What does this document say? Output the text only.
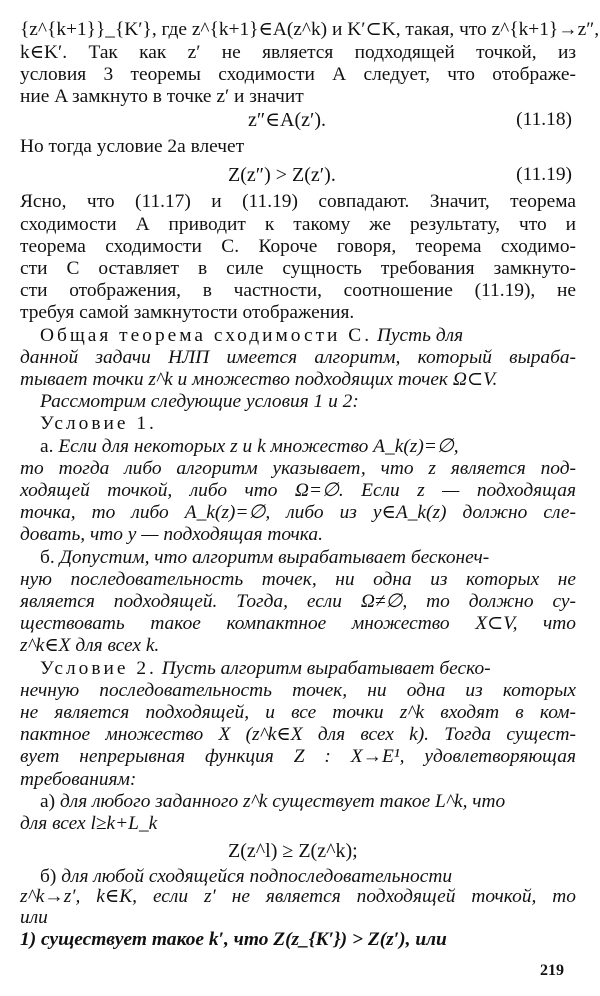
{z^{k+1}}_{K′}, где z^{k+1}∈A(z^k) и K′⊂K, такая, что z^{k+1}→z″,
k∈K′. Так как z′ не является подходящей точкой, из
условия 3 теоремы сходимости А следует, что отображе-
ние A замкнуто в точке z′ и значит
z″∈A(z′).	(11.18)
Но тогда условие 2а влечет
Z(z″) > Z(z′).	(11.19)
Ясно, что (11.17) и (11.19) совпадают. Значит, теорема
сходимости А приводит к такому же результату, что и
теорема сходимости С. Короче говоря, теорема сходимо-
сти С оставляет в силе сущность требования замкнуто-
сти отображения, в частности, соотношение (11.19), не
требуя самой замкнутости отображения.
Общая теорема сходимости С. Пусть для
данной задачи НЛП имеется алгоритм, который выраба-
тывает точки z^k и множество подходящих точек Ω⊂V.
Рассмотрим следующие условия 1 и 2:
Условие 1.
а. Если для некоторых z и k множество A_k(z)=∅,
то тогда либо алгоритм указывает, что z является под-
ходящей точкой, либо что Ω=∅. Если z — подходящая
точка, то либо A_k(z)=∅, либо из y∈A_k(z) должно сле-
довать, что y — подходящая точка.
б. Допустим, что алгоритм вырабатывает бесконеч-
ную последовательность точек, ни одна из которых не
является подходящей. Тогда, если Ω≠∅, то должно су-
ществовать такое компактное множество X⊂V, что
z^k∈X для всех k.
Условие 2. Пусть алгоритм вырабатывает беско-
нечную последовательность точек, ни одна из которых
не является подходящей, и все точки z^k входят в ком-
пактное множество X (z^k∈X для всех k). Тогда сущест-
вует непрерывная функция Z : X→E¹, удовлетворяющая
требованиям:
а) для любого заданного z^k существует такое L^k, что
для всех l≥k+L_k
Z(z^l) ≥ Z(z^k);
б) для любой сходящейся подпоследовательности
219
z^k→z′, k∈K, если z′ не является подходящей точкой, то
или
1) существует такое k′, что Z(z_{K′}) > Z(z′), или
